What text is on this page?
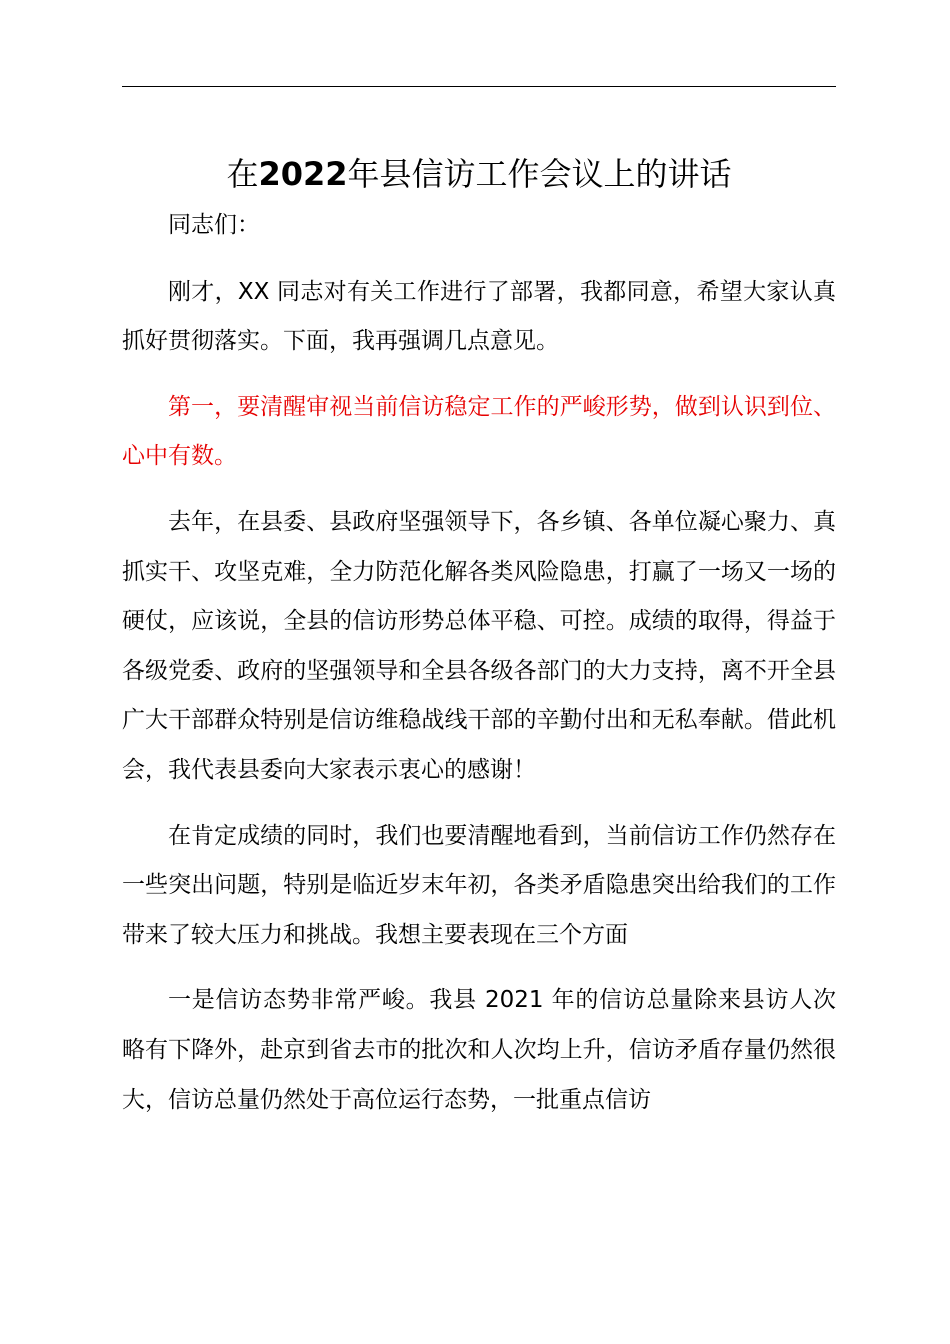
在2022年县信访工作会议上的讲话

同志们：

刚才，XX 同志对有关工作进行了部署，我都同意，希望大家认真抓好贯彻落实。下面，我再强调几点意见。

第一，要清醒审视当前信访稳定工作的严峻形势，做到认识到位、心中有数。

去年，在县委、县政府坚强领导下，各乡镇、各单位凝心聚力、真抓实干、攻坚克难，全力防范化解各类风险隐患，打赢了一场又一场的硬仗，应该说，全县的信访形势总体平稳、可控。成绩的取得，得益于各级党委、政府的坚强领导和全县各级各部门的大力支持，离不开全县广大干部群众特别是信访维稳战线干部的辛勤付出和无私奉献。借此机会，我代表县委向大家表示衷心的感谢！

在肯定成绩的同时，我们也要清醒地看到，当前信访工作仍然存在一些突出问题，特别是临近岁末年初，各类矛盾隐患突出给我们的工作带来了较大压力和挑战。我想主要表现在三个方面

一是信访态势非常严峻。我县 2021 年的信访总量除来县访人次略有下降外，赴京到省去市的批次和人次均上升，信访矛盾存量仍然很大，信访总量仍然处于高位运行态势，一批重点信访
